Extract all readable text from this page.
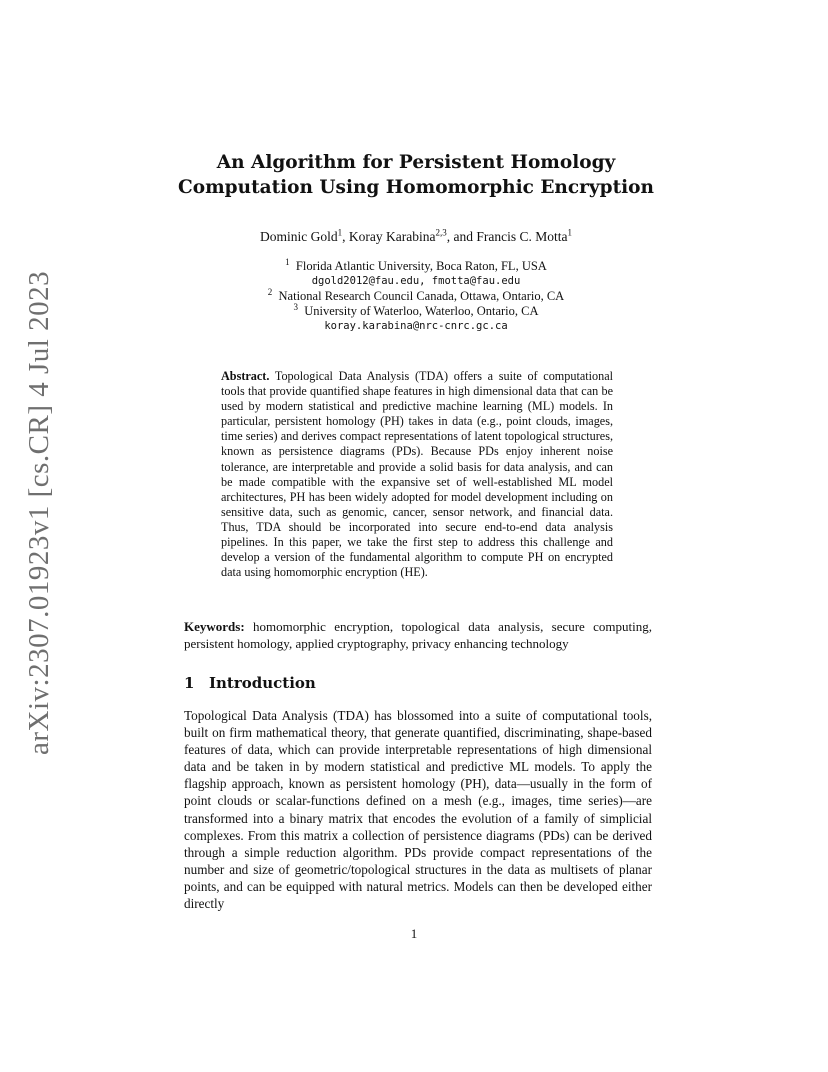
arXiv:2307.01923v1 [cs.CR] 4 Jul 2023
An Algorithm for Persistent Homology
Computation Using Homomorphic Encryption
Dominic Gold$^1$, Koray Karabina$^{2,3}$, and Francis C. Motta$^1$
$^1$ Florida Atlantic University, Boca Raton, FL, USA
dgold2012@fau.edu, fmotta@fau.edu
$^2$ National Research Council Canada, Ottawa, Ontario, CA
$^3$ University of Waterloo, Waterloo, Ontario, CA
koray.karabina@nrc-cnrc.gc.ca
Abstract. Topological Data Analysis (TDA) offers a suite of computational tools that provide quantified shape features in high dimensional data that can be used by modern statistical and predictive machine learning (ML) models. In particular, persistent homology (PH) takes in data (e.g., point clouds, images, time series) and derives compact representations of latent topological structures, known as persistence diagrams (PDs). Because PDs enjoy inherent noise tolerance, are interpretable and provide a solid basis for data analysis, and can be made compatible with the expansive set of well-established ML model architectures, PH has been widely adopted for model development including on sensitive data, such as genomic, cancer, sensor network, and financial data. Thus, TDA should be incorporated into secure end-to-end data analysis pipelines. In this paper, we take the first step to address this challenge and develop a version of the fundamental algorithm to compute PH on encrypted data using homomorphic encryption (HE).
Keywords: homomorphic encryption, topological data analysis, secure computing, persistent homology, applied cryptography, privacy enhancing technology
1 Introduction
Topological Data Analysis (TDA) has blossomed into a suite of computational tools, built on firm mathematical theory, that generate quantified, discriminating, shape-based features of data, which can provide interpretable representations of high dimensional data and be taken in by modern statistical and predictive ML models. To apply the flagship approach, known as persistent homology (PH), data—usually in the form of point clouds or scalar-functions defined on a mesh (e.g., images, time series)—are transformed into a binary matrix that encodes the evolution of a family of simplicial complexes. From this matrix a collection of persistence diagrams (PDs) can be derived through a simple reduction algorithm. PDs provide compact representations of the number and size of geometric/topological structures in the data as multisets of planar points, and can be equipped with natural metrics. Models can then be developed either directly
1
